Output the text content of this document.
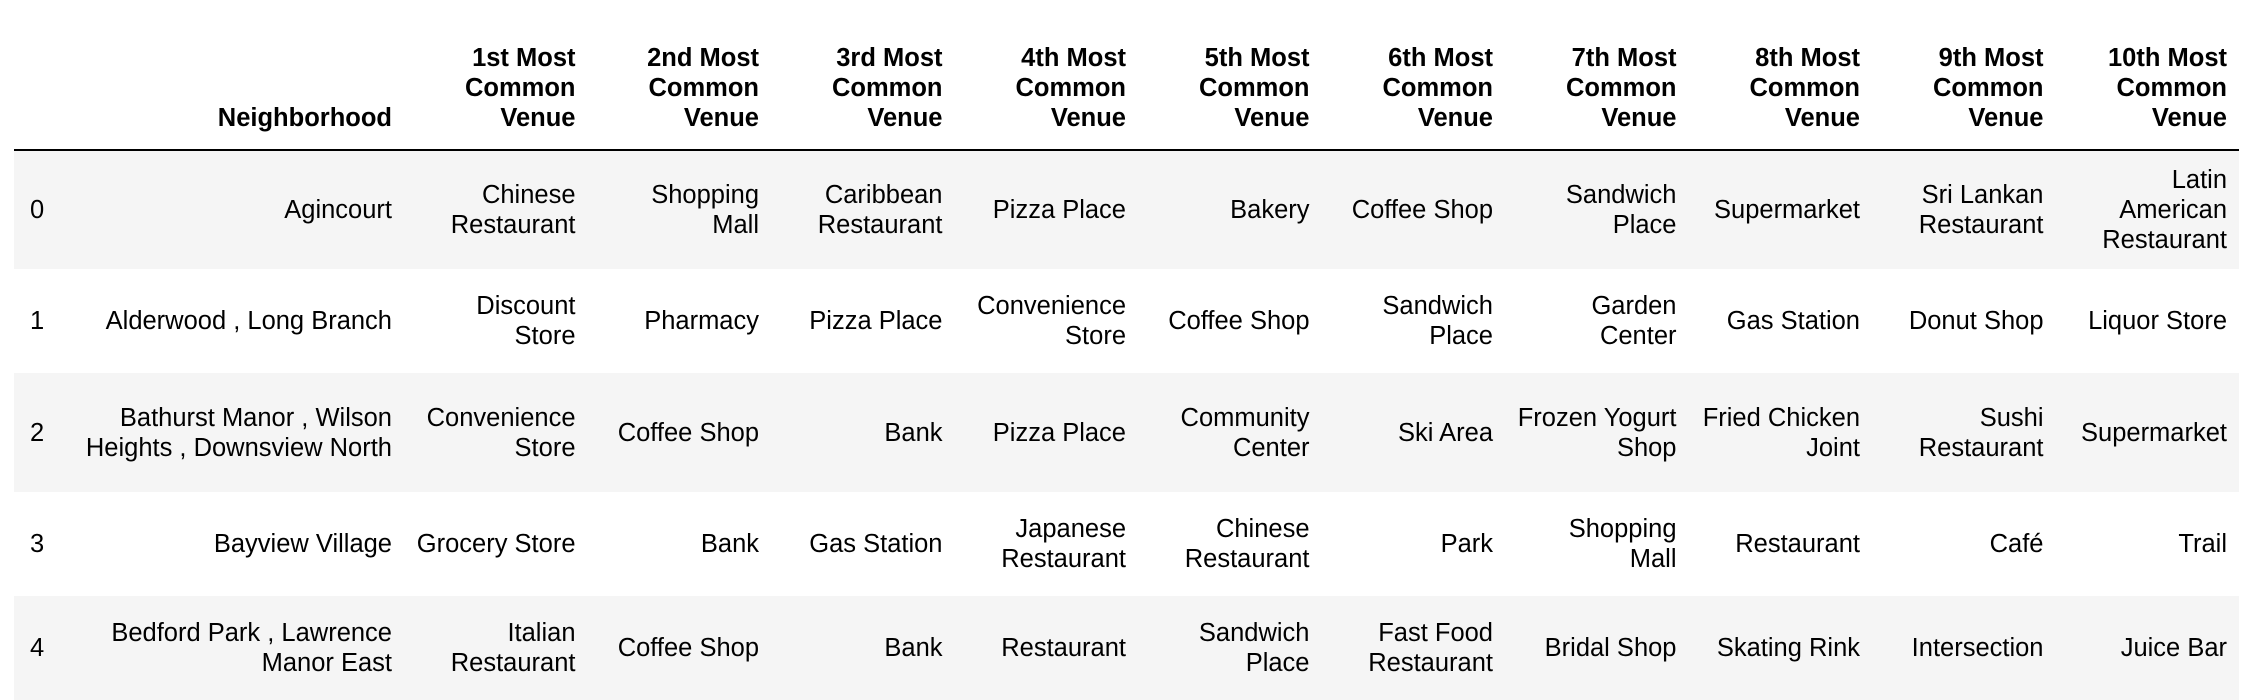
	Neighborhood	1st Most Common Venue	2nd Most Common Venue	3rd Most Common Venue	4th Most Common Venue	5th Most Common Venue	6th Most Common Venue	7th Most Common Venue	8th Most Common Venue	9th Most Common Venue	10th Most Common Venue
0	Agincourt	Chinese Restaurant	Shopping Mall	Caribbean Restaurant	Pizza Place	Bakery	Coffee Shop	Sandwich Place	Supermarket	Sri Lankan Restaurant	Latin American Restaurant
1	Alderwood , Long Branch	Discount Store	Pharmacy	Pizza Place	Convenience Store	Coffee Shop	Sandwich Place	Garden Center	Gas Station	Donut Shop	Liquor Store
2	Bathurst Manor , Wilson Heights , Downsview North	Convenience Store	Coffee Shop	Bank	Pizza Place	Community Center	Ski Area	Frozen Yogurt Shop	Fried Chicken Joint	Sushi Restaurant	Supermarket
3	Bayview Village	Grocery Store	Bank	Gas Station	Japanese Restaurant	Chinese Restaurant	Park	Shopping Mall	Restaurant	Café	Trail
4	Bedford Park , Lawrence Manor East	Italian Restaurant	Coffee Shop	Bank	Restaurant	Sandwich Place	Fast Food Restaurant	Bridal Shop	Skating Rink	Intersection	Juice Bar
